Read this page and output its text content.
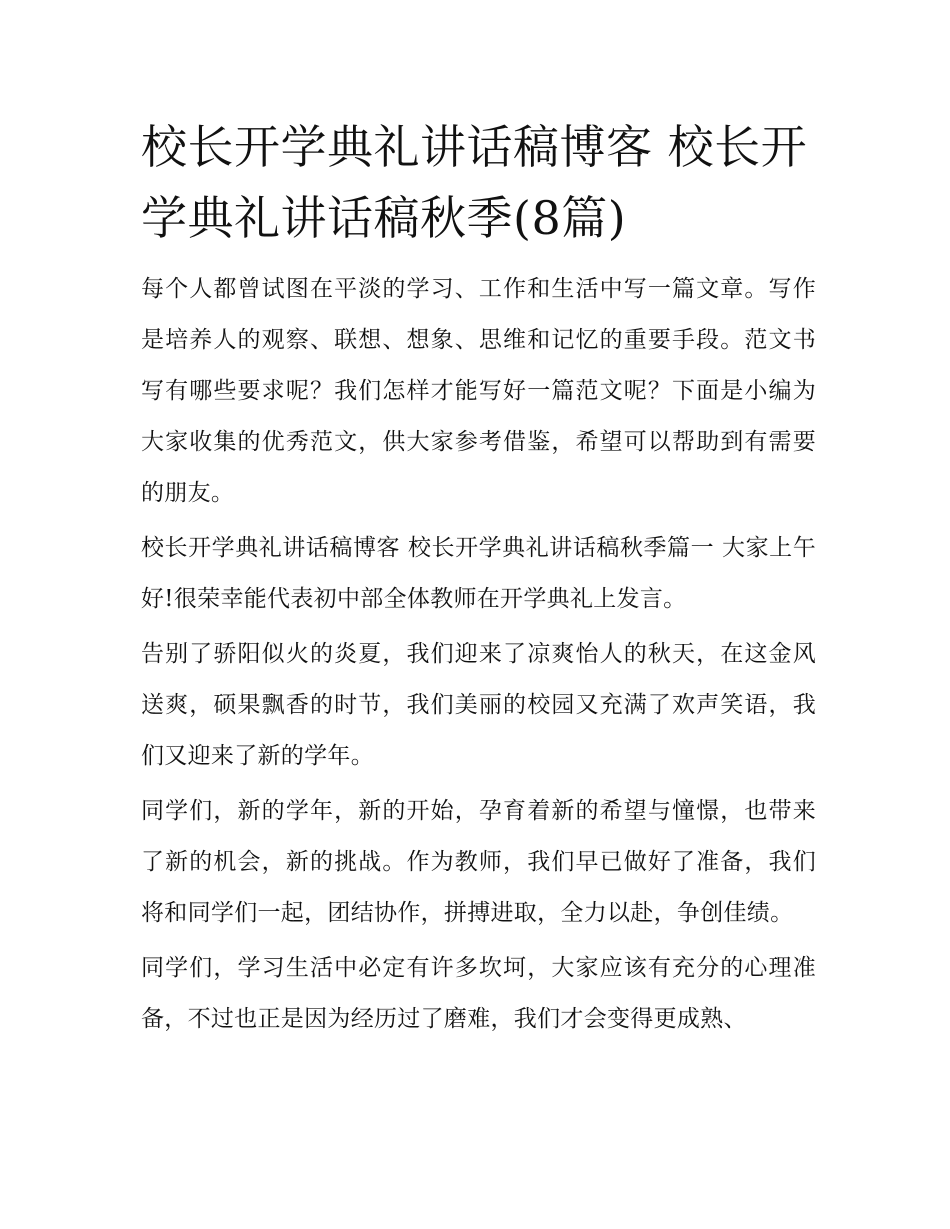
校长开学典礼讲话稿博客 校长开学典礼讲话稿秋季(8篇)

每个人都曾试图在平淡的学习、工作和生活中写一篇文章。写作是培养人的观察、联想、想象、思维和记忆的重要手段。范文书写有哪些要求呢？我们怎样才能写好一篇范文呢？下面是小编为大家收集的优秀范文，供大家参考借鉴，希望可以帮助到有需要的朋友。

校长开学典礼讲话稿博客 校长开学典礼讲话稿秋季篇一 大家上午好!很荣幸能代表初中部全体教师在开学典礼上发言。

告别了骄阳似火的炎夏，我们迎来了凉爽怡人的秋天，在这金风送爽，硕果飘香的时节，我们美丽的校园又充满了欢声笑语，我们又迎来了新的学年。

同学们，新的学年，新的开始，孕育着新的希望与憧憬，也带来了新的机会，新的挑战。作为教师，我们早已做好了准备，我们将和同学们一起，团结协作，拼搏进取，全力以赴，争创佳绩。

同学们，学习生活中必定有许多坎坷，大家应该有充分的心理准备，不过也正是因为经历过了磨难，我们才会变得更成熟、
